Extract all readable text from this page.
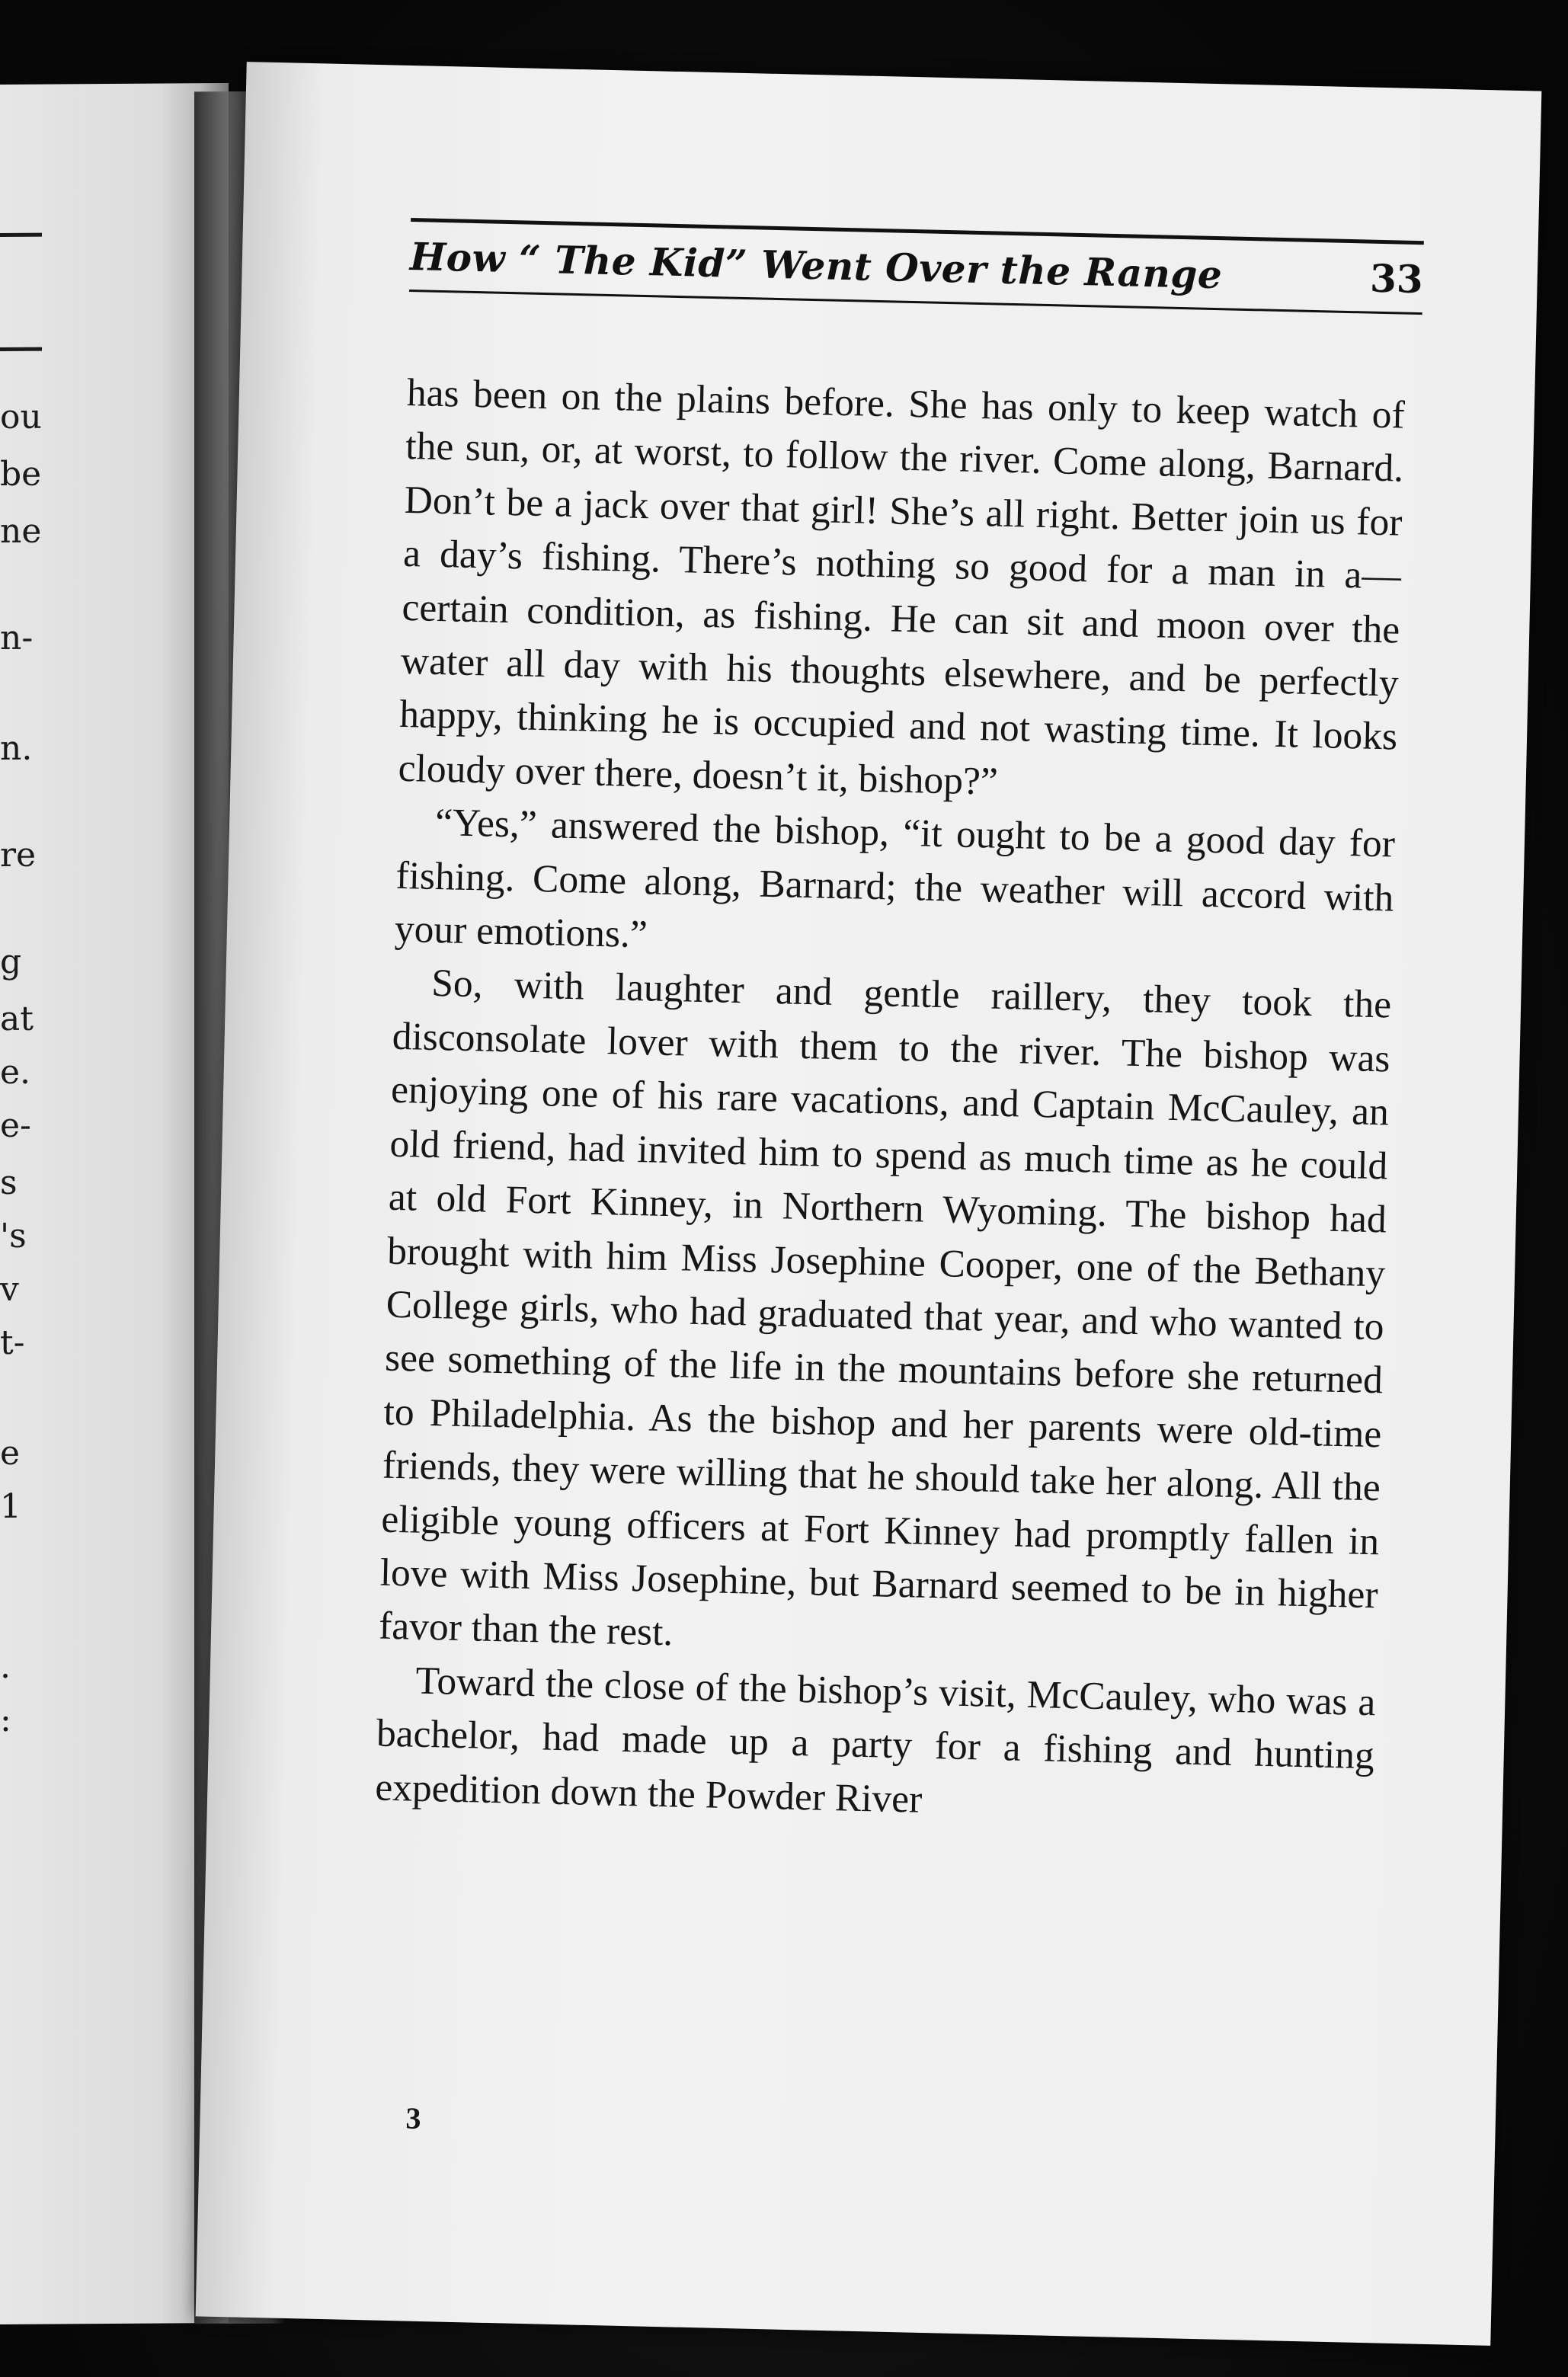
ou

be

ne

n-

n.

re

g

at

e.

e-

s

's

v

t-

e

1

.

:

How “ The Kid” Went Over the Range	33

has been on the plains before. She has only to keep watch of the sun, or, at worst, to follow the river. Come along, Barnard. Don’t be a jack over that girl! She’s all right. Better join us for a day’s fishing. There’s nothing so good for a man in a—certain condition, as fishing. He can sit and moon over the water all day with his thoughts elsewhere, and be perfectly happy, thinking he is occupied and not wasting time. It looks cloudy over there, doesn’t it, bishop?”

“Yes,” answered the bishop, “it ought to be a good day for fishing. Come along, Barnard; the weather will accord with your emotions.”

So, with laughter and gentle raillery, they took the disconsolate lover with them to the river. The bishop was enjoying one of his rare vacations, and Captain McCauley, an old friend, had invited him to spend as much time as he could at old Fort Kinney, in Northern Wyoming. The bishop had brought with him Miss Josephine Cooper, one of the Bethany College girls, who had graduated that year, and who wanted to see something of the life in the mountains before she returned to Philadelphia. As the bishop and her parents were old-time friends, they were willing that he should take her along. All the eligible young officers at Fort Kinney had promptly fallen in love with Miss Josephine, but Barnard seemed to be in higher favor than the rest.

Toward the close of the bishop’s visit, McCauley, who was a bachelor, had made up a party for a fishing and hunting expedition down the Powder River

3
